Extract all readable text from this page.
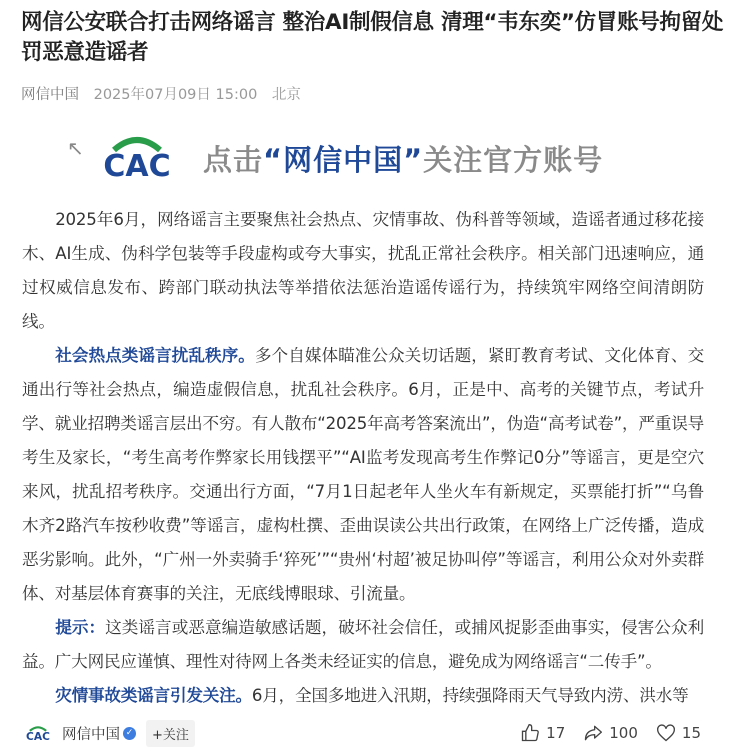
网信公安联合打击网络谣言 整治AI制假信息 清理“韦东奕”仿冒账号拘留处罚恶意造谣者
网信中国 2025年07月09日 15:00 北京
↖
CAC 点击“网信中国”关注官方账号

2025年6月，网络谣言主要聚焦社会热点、灾情事故、伪科普等领域，造谣者通过移花接木、AI生成、伪科学包装等手段虚构或夸大事实，扰乱正常社会秩序。相关部门迅速响应，通过权威信息发布、跨部门联动执法等举措依法惩治造谣传谣行为，持续筑牢网络空间清朗防线。

社会热点类谣言扰乱秩序。多个自媒体瞄准公众关切话题，紧盯教育考试、文化体育、交通出行等社会热点，编造虚假信息，扰乱社会秩序。6月，正是中、高考的关键节点，考试升学、就业招聘类谣言层出不穷。有人散布“2025年高考答案流出”，伪造“高考试卷”，严重误导考生及家长，“考生高考作弊家长用钱摆平”“AI监考发现高考生作弊记0分”等谣言，更是空穴来风，扰乱招考秩序。交通出行方面，“7月1日起老年人坐火车有新规定，买票能打折”“乌鲁木齐2路汽车按秒收费”等谣言，虚构杜撰、歪曲误读公共出行政策，在网络上广泛传播，造成恶劣影响。此外，“广州一外卖骑手‘猝死’”“贵州‘村超’被足协叫停”等谣言，利用公众对外卖群体、对基层体育赛事的关注，无底线博眼球、引流量。

提示：这类谣言或恶意编造敏感话题，破坏社会信任，或捕风捉影歪曲事实，侵害公众利益。广大网民应谨慎、理性对待网上各类未经证实的信息，避免成为网络谣言“二传手”。

灾情事故类谣言引发关注。6月，全国多地进入汛期，持续强降雨天气导致内涝、洪水等

CAC 网信中国 ✓	+关注	17	100	15
